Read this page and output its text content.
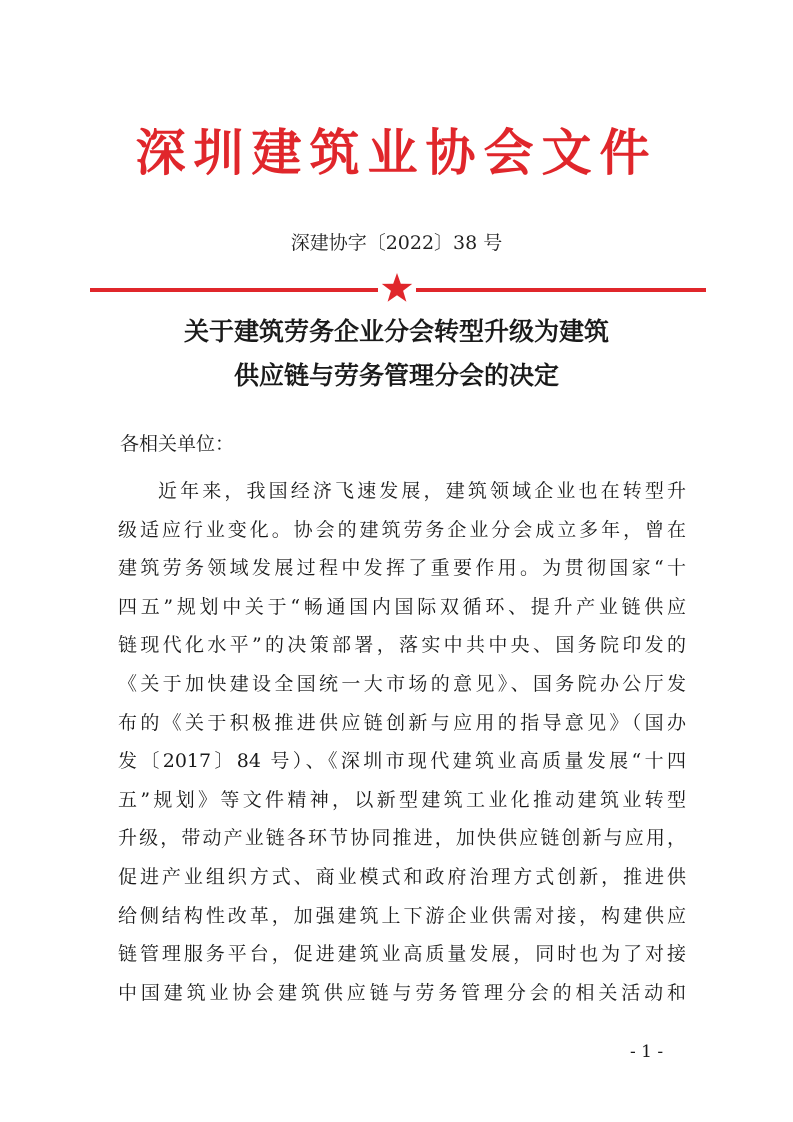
深圳建筑业协会文件
深建协字〔2022〕38 号
关于建筑劳务企业分会转型升级为建筑
供应链与劳务管理分会的决定
各相关单位：
近年来，我国经济飞速发展，建筑领域企业也在转型升
级适应行业变化。协会的建筑劳务企业分会成立多年，曾在
建筑劳务领域发展过程中发挥了重要作用。为贯彻国家“十
四五”规划中关于“畅通国内国际双循环、提升产业链供应
链现代化水平”的决策部署，落实中共中央、国务院印发的
《关于加快建设全国统一大市场的意见》、国务院办公厅发
布的《关于积极推进供应链创新与应用的指导意见》（国办
发〔2017〕84 号）、《深圳市现代建筑业高质量发展“十四
五”规划》等文件精神，以新型建筑工业化推动建筑业转型
升级，带动产业链各环节协同推进，加快供应链创新与应用，
促进产业组织方式、商业模式和政府治理方式创新，推进供
给侧结构性改革，加强建筑上下游企业供需对接，构建供应
链管理服务平台，促进建筑业高质量发展，同时也为了对接
中国建筑业协会建筑供应链与劳务管理分会的相关活动和
- 1 -
